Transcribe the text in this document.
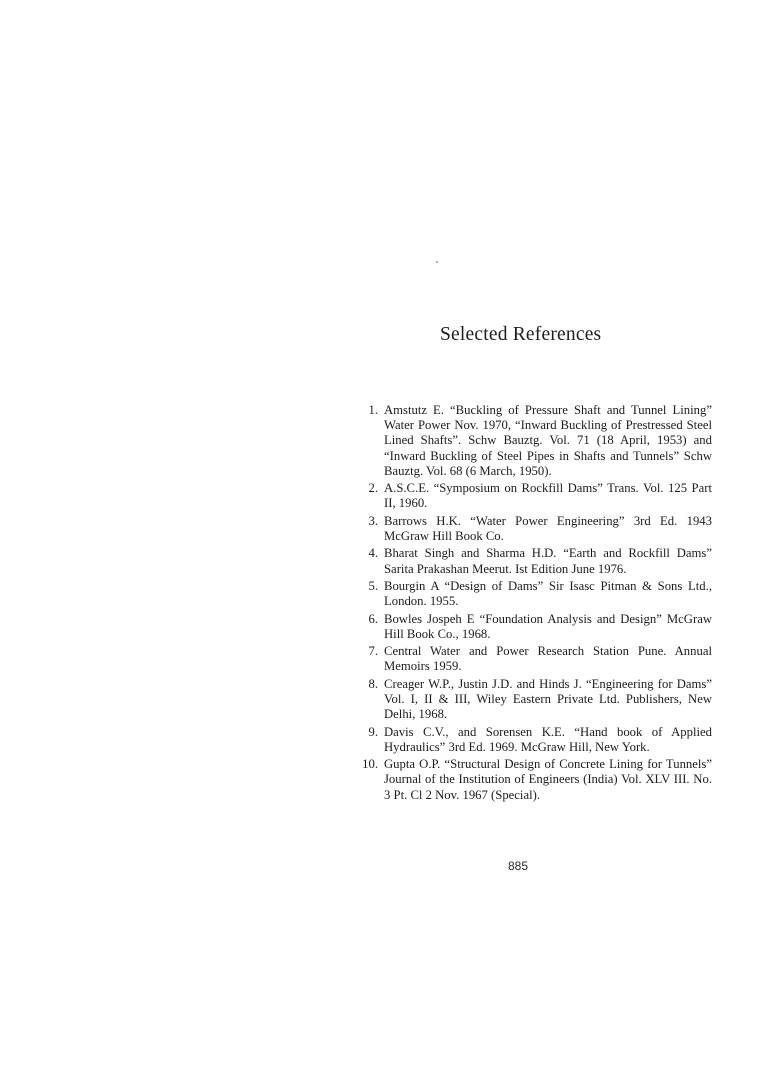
Selected References
1. Amstutz E. “Buckling of Pressure Shaft and Tunnel Lining” Water Power Nov. 1970, “Inward Buckling of Prestressed Steel Lined Shafts”. Schw Bauztg. Vol. 71 (18 April, 1953) and “Inward Buckling of Steel Pipes in Shafts and Tunnels” Schw Bauztg. Vol. 68 (6 March, 1950).
2. A.S.C.E. “Symposium on Rockfill Dams” Trans. Vol. 125 Part II, 1960.
3. Barrows H.K. “Water Power Engineering” 3rd Ed. 1943 McGraw Hill Book Co.
4. Bharat Singh and Sharma H.D. “Earth and Rockfill Dams” Sarita Prakashan Meerut. Ist Edition June 1976.
5. Bourgin A “Design of Dams” Sir Isasc Pitman & Sons Ltd., London. 1955.
6. Bowles Jospeh E “Foundation Analysis and Design” McGraw Hill Book Co., 1968.
7. Central Water and Power Research Station Pune. Annual Memoirs 1959.
8. Creager W.P., Justin J.D. and Hinds J. “Engineering for Dams” Vol. I, II & III, Wiley Eastern Private Ltd. Publishers, New Delhi, 1968.
9. Davis C.V., and Sorensen K.E. “Hand book of Applied Hydraulics” 3rd Ed. 1969. McGraw Hill, New York.
10. Gupta O.P. “Structural Design of Concrete Lining for Tunnels” Journal of the Institution of Engineers (India) Vol. XLV III. No. 3 Pt. Cl 2 Nov. 1967 (Special).
885
